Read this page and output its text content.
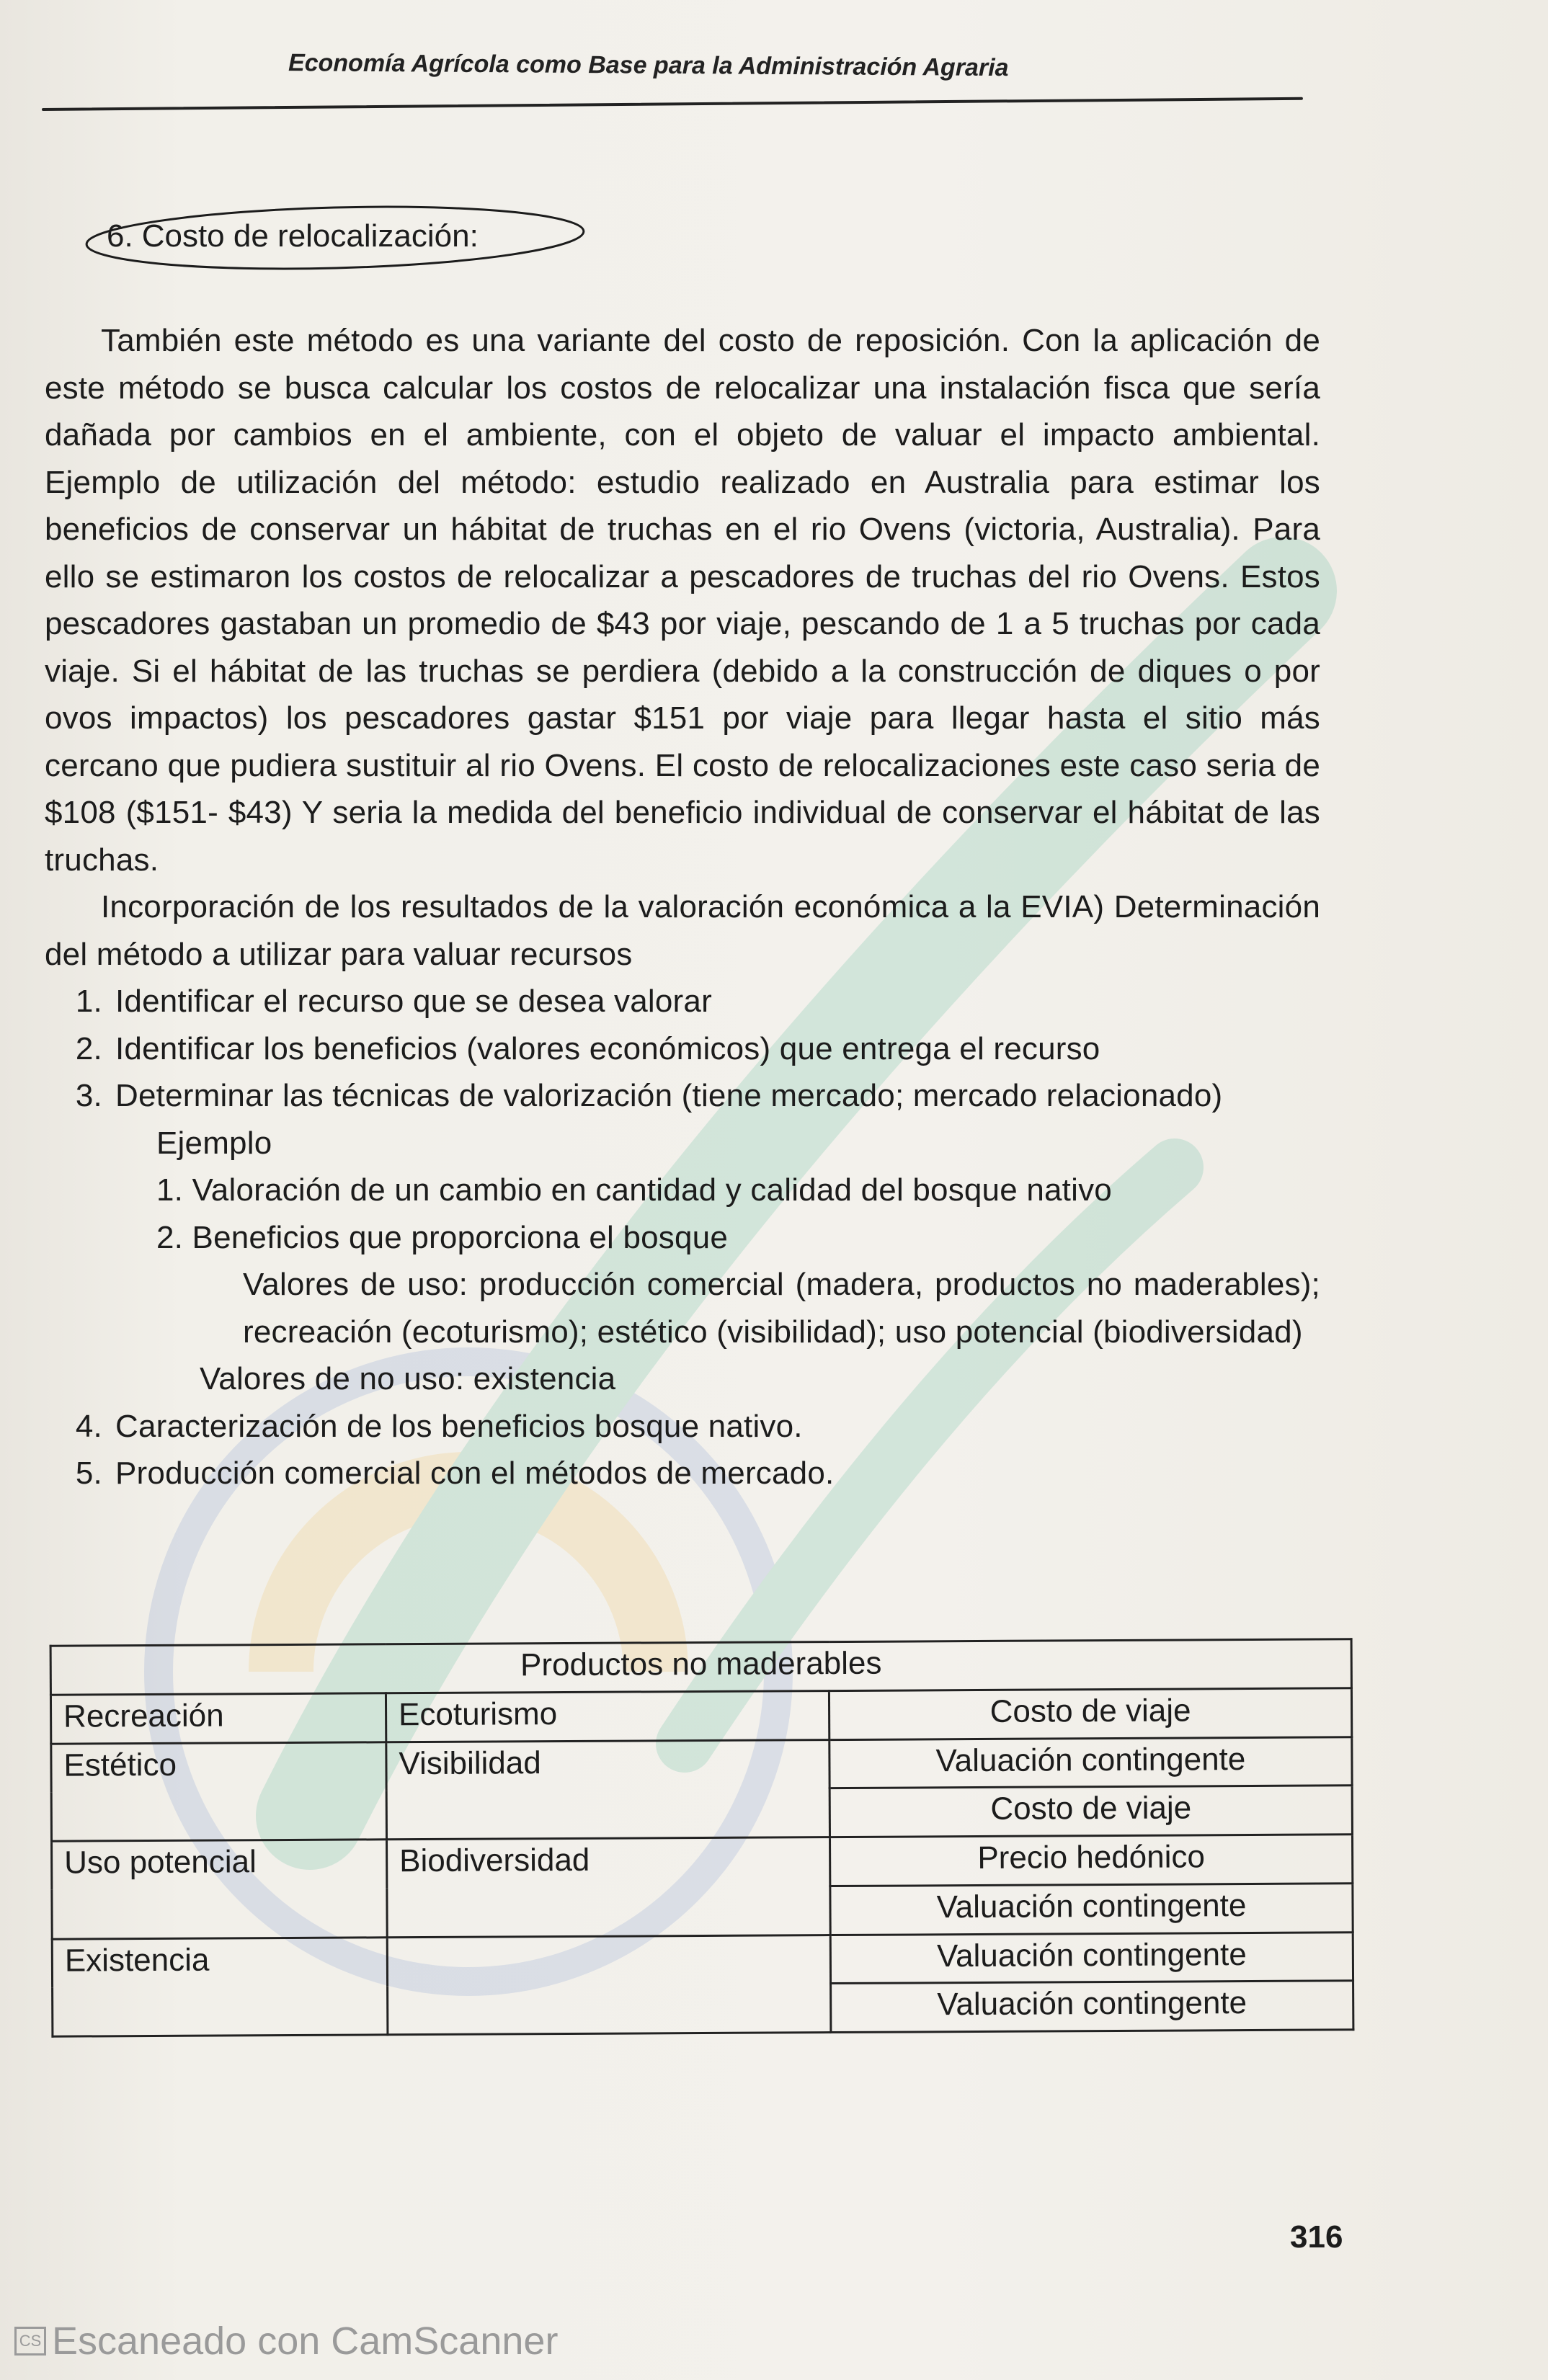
Economía Agrícola como Base para la Administración Agraria
6. Costo de relocalización:

También este método es una variante del costo de reposición. Con la aplicación de este método se busca calcular los costos de relocalizar una instalación fisca que sería dañada por cambios en el ambiente, con el objeto de valuar el impacto ambiental. Ejemplo de utilización del método: estudio realizado en Australia para estimar los beneficios de conservar un hábitat de truchas en el rio Ovens (victoria, Australia). Para ello se estimaron los costos de relocalizar a pescadores de truchas del rio Ovens. Estos pescadores gastaban un promedio de $43 por viaje, pescando de 1 a 5 truchas por cada viaje. Si el hábitat de las truchas se perdiera (debido a la construcción de diques o por ovos impactos) los pescadores gastar $151 por viaje para llegar hasta el sitio más cercano que pudiera sustituir al rio Ovens. El costo de relocalizaciones este caso seria de $108 ($151- $43) Y seria la medida del beneficio individual de conservar el hábitat de las truchas.

Incorporación de los resultados de la valoración económica a la EVIA) Determinación del método a utilizar para valuar recursos

1. Identificar el recurso que se desea valorar
2. Identificar los beneficios (valores económicos) que entrega el recurso
3. Determinar las técnicas de valorización (tiene mercado; mercado relacionado)
Ejemplo
1. Valoración de un cambio en cantidad y calidad del bosque nativo
2. Beneficios que proporciona el bosque
Valores de uso: producción comercial (madera, productos no maderables); recreación (ecoturismo); estético (visibilidad); uso potencial (biodiversidad)
Valores de no uso: existencia
4. Caracterización de los beneficios bosque nativo.
5. Producción comercial con el métodos de mercado.
Productos no maderables		
Recreación	Ecoturismo	Costo de viaje
Estético	Visibilidad	Valuación contingente
		Costo de viaje
Uso potencial	Biodiversidad	Precio hedónico
		Valuación contingente
Existencia		Valuación contingente
		Valuación contingente
316
CS Escaneado con CamScanner
